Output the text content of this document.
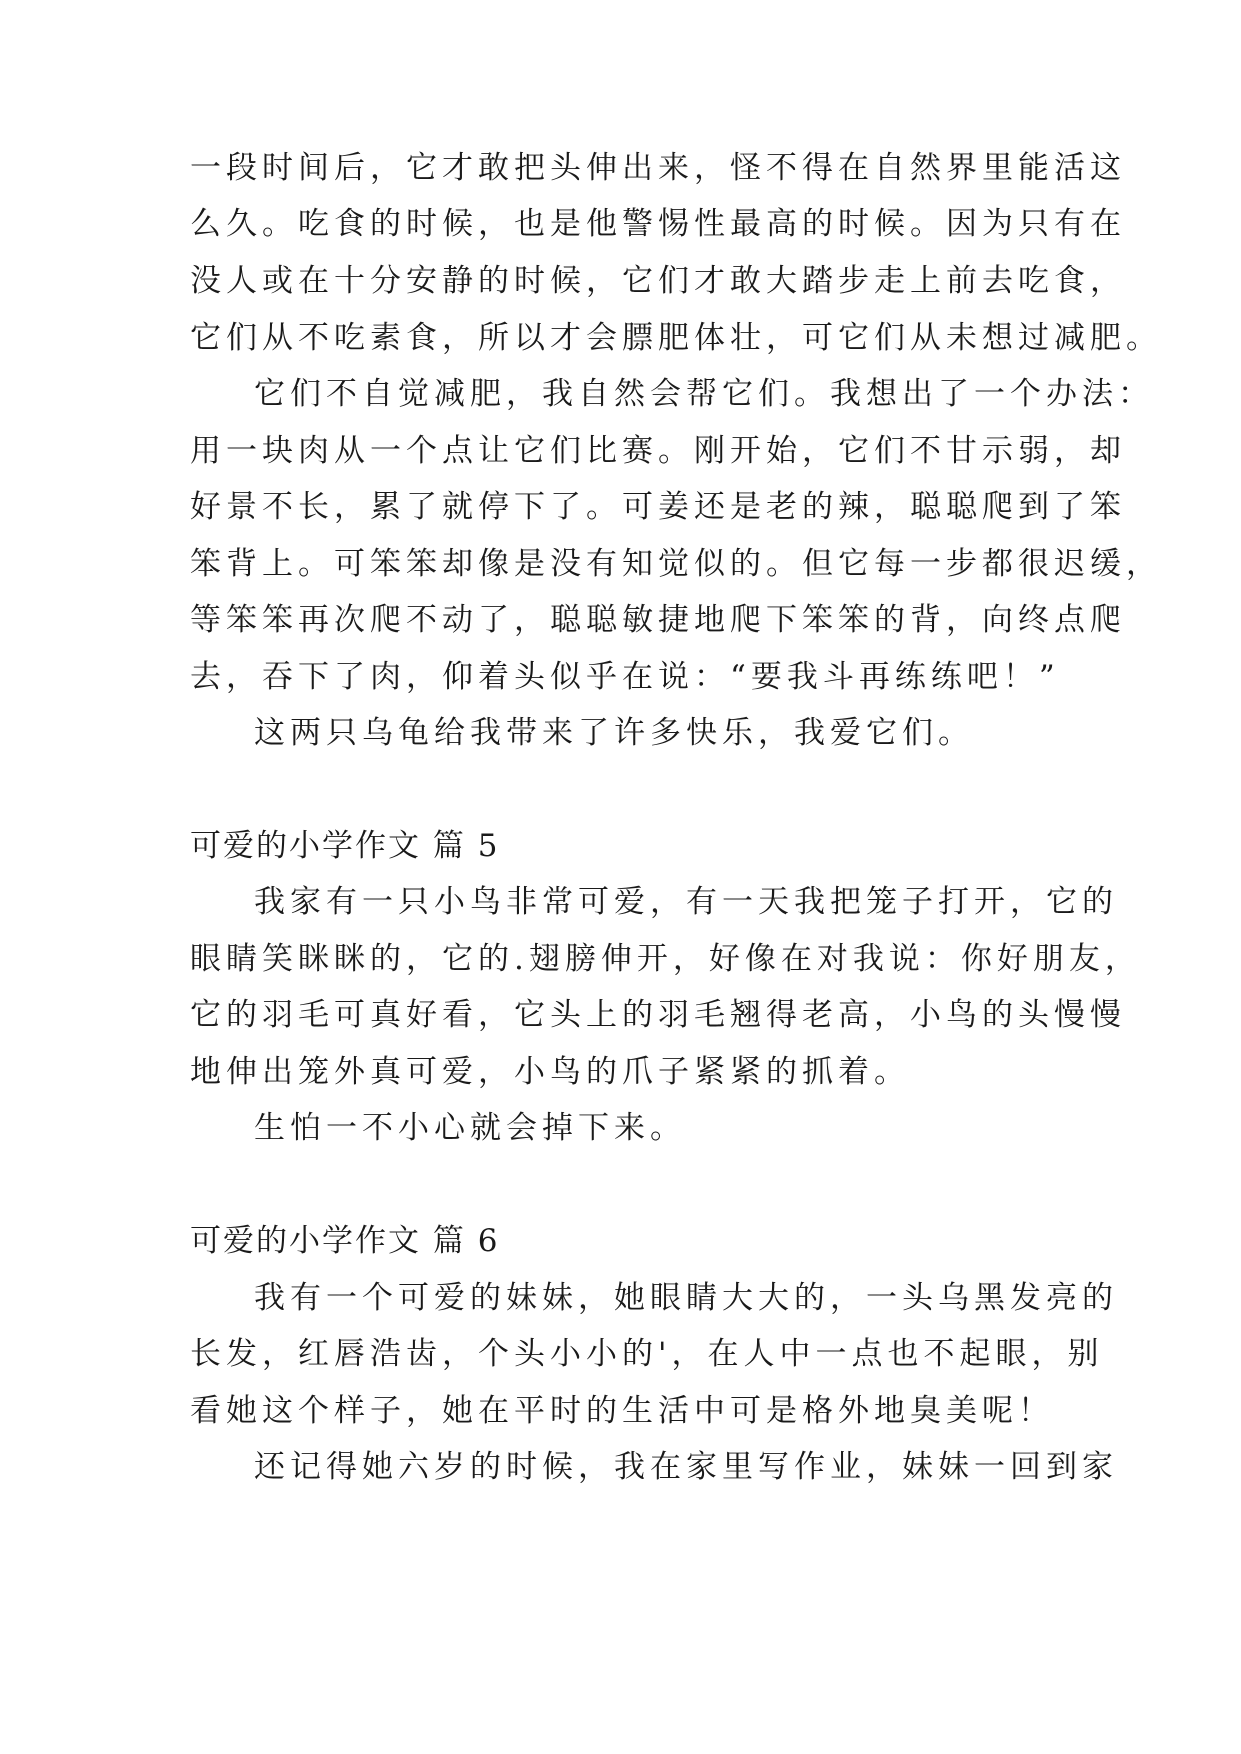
一段时间后，它才敢把头伸出来，怪不得在自然界里能活这
么久。吃食的时候，也是他警惕性最高的时候。因为只有在
没人或在十分安静的时候，它们才敢大踏步走上前去吃食，
它们从不吃素食，所以才会膘肥体壮，可它们从未想过减肥。
它们不自觉减肥，我自然会帮它们。我想出了一个办法：
用一块肉从一个点让它们比赛。刚开始，它们不甘示弱，却
好景不长，累了就停下了。可姜还是老的辣，聪聪爬到了笨
笨背上。可笨笨却像是没有知觉似的。但它每一步都很迟缓，
等笨笨再次爬不动了，聪聪敏捷地爬下笨笨的背，向终点爬
去，吞下了肉，仰着头似乎在说：“要我斗再练练吧！”
这两只乌龟给我带来了许多快乐，我爱它们。
可爱的小学作文 篇 5
我家有一只小鸟非常可爱，有一天我把笼子打开，它的
眼睛笑眯眯的，它的.翅膀伸开，好像在对我说：你好朋友，
它的羽毛可真好看，它头上的羽毛翘得老高，小鸟的头慢慢
地伸出笼外真可爱，小鸟的爪子紧紧的抓着。
生怕一不小心就会掉下来。
可爱的小学作文 篇 6
我有一个可爱的妹妹，她眼睛大大的，一头乌黑发亮的
长发，红唇浩齿，个头小小的'，在人中一点也不起眼，别
看她这个样子，她在平时的生活中可是格外地臭美呢！
还记得她六岁的时候，我在家里写作业，妹妹一回到家
